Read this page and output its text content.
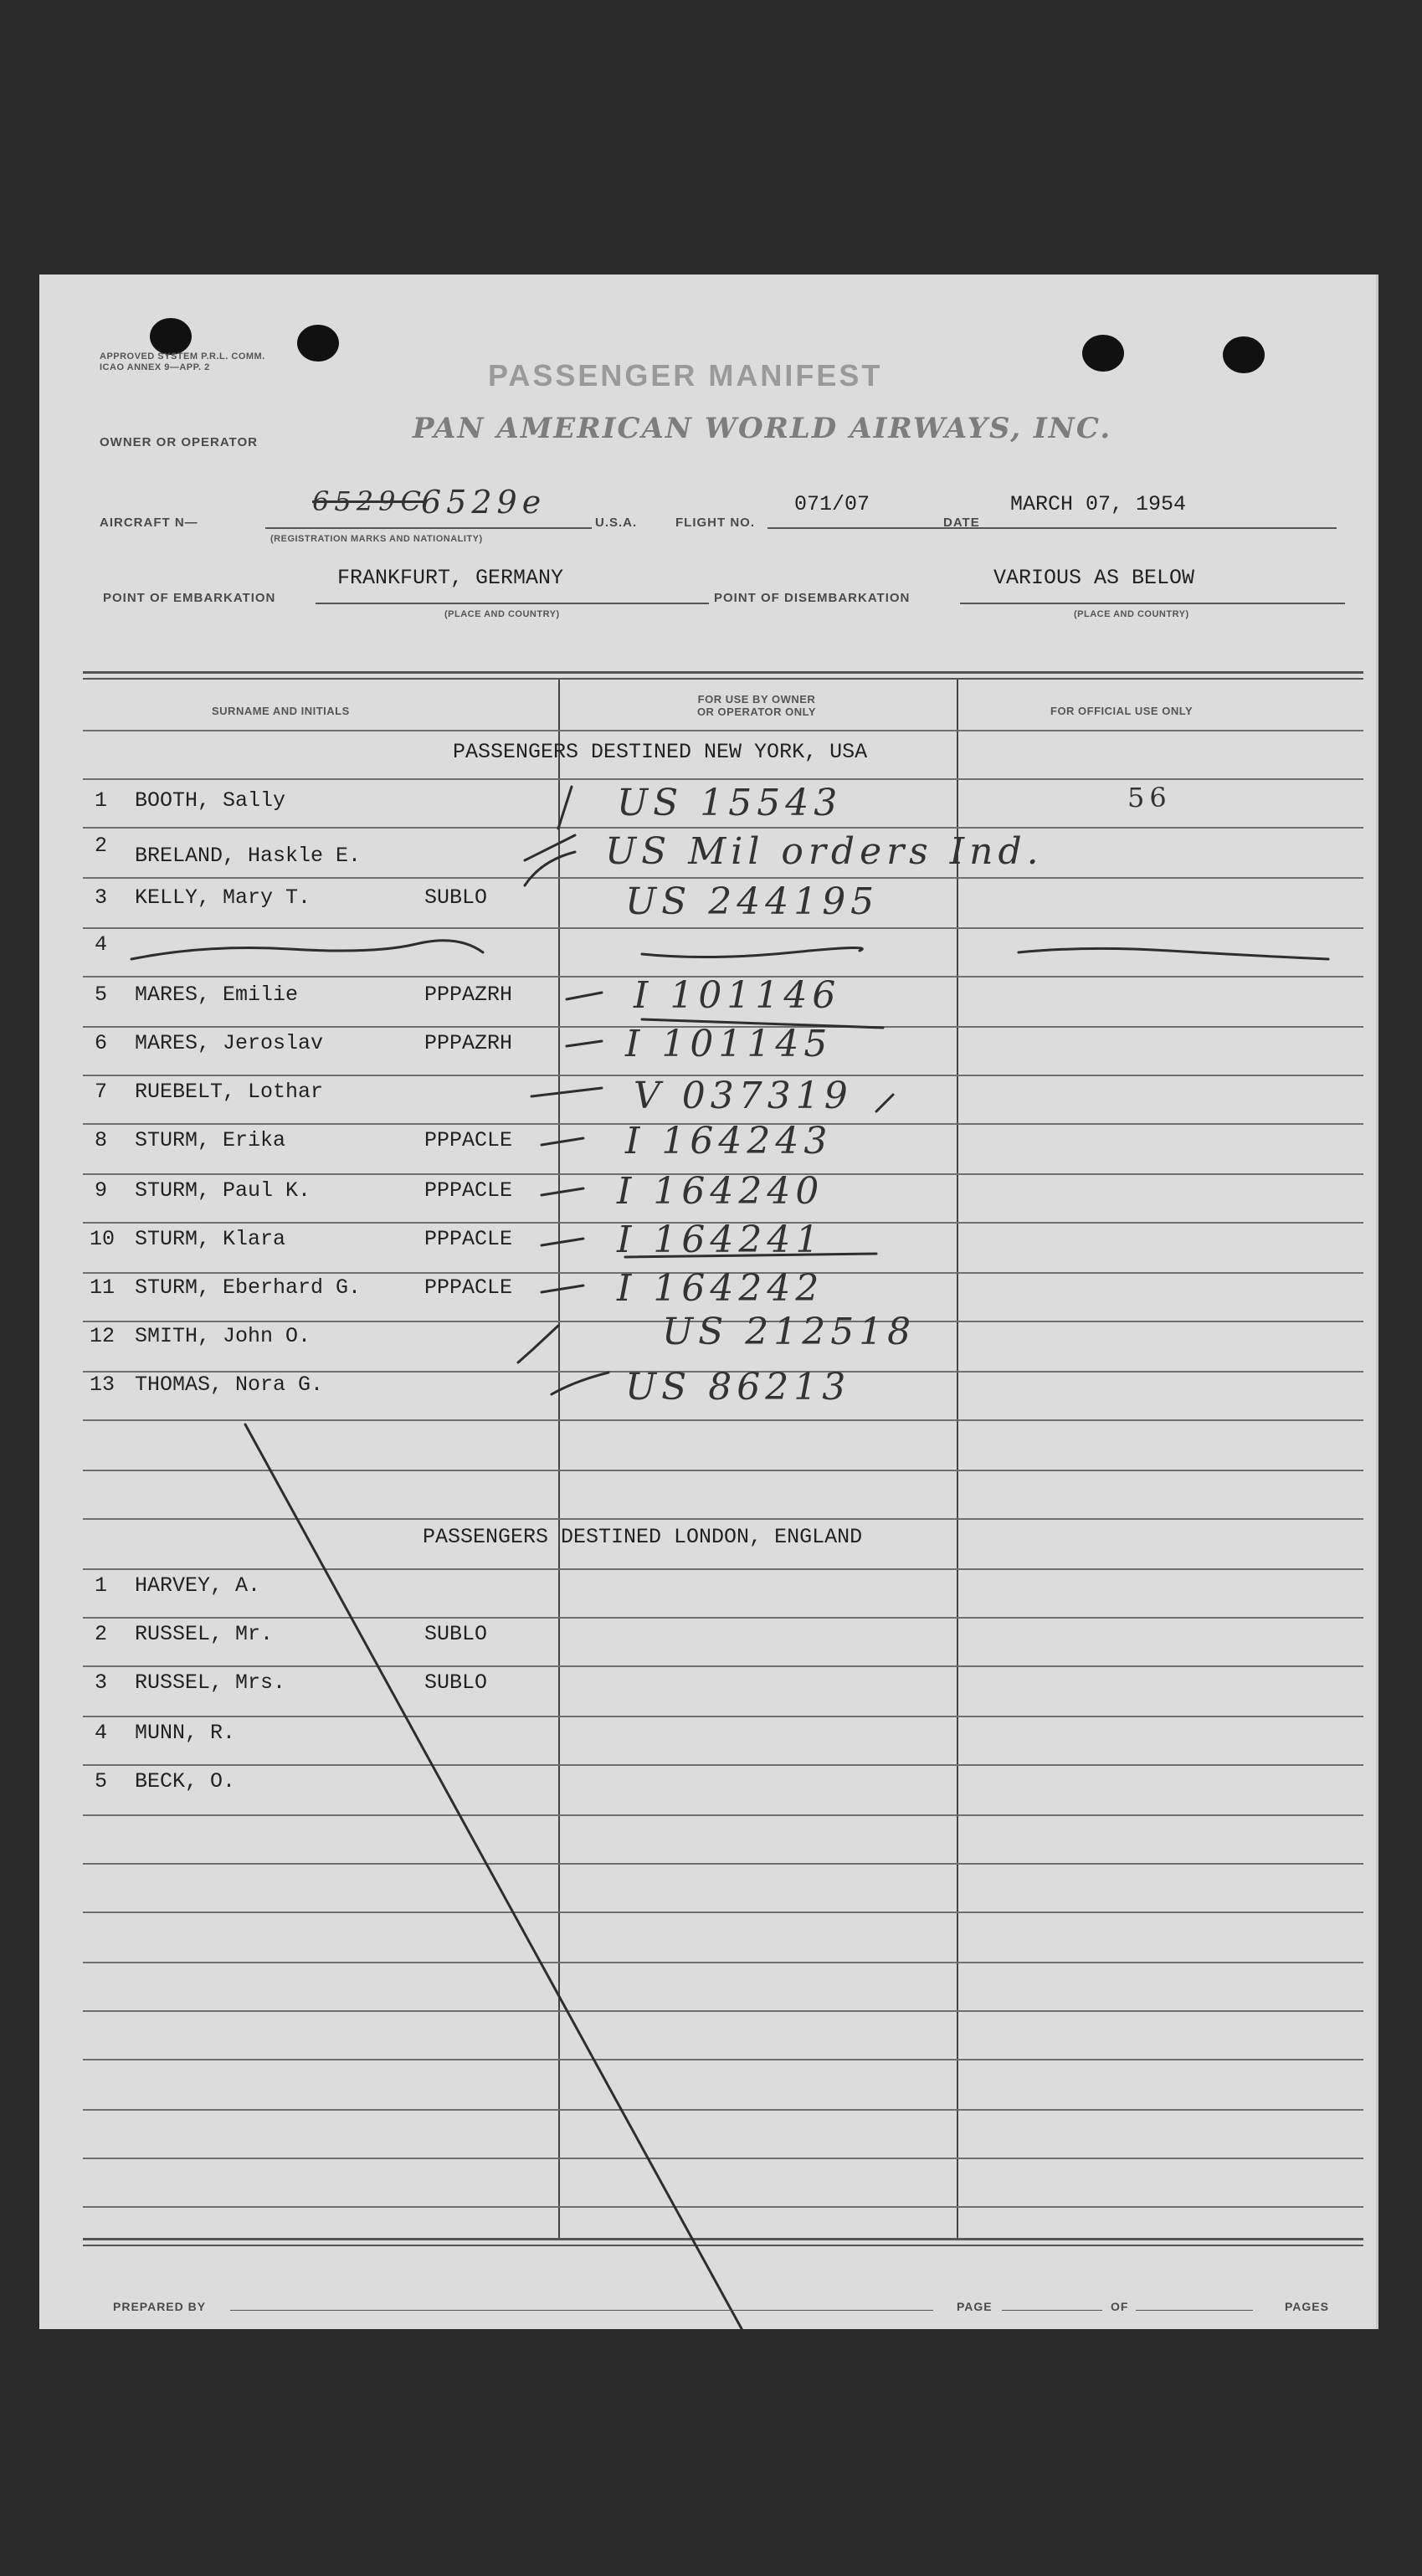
APPROVED SYSTEM P.R.L. COMM. ICAO ANNEX 9—APP. 2	PASSENGER MANIFEST
PAN AMERICAN WORLD AIRWAYS, INC.
OWNER OR OPERATOR
AIRCRAFT N—
6529C
6529e
(REGISTRATION MARKS AND NATIONALITY)
U.S.A.	FLIGHT NO.
071/07
DATE
MARCH 07, 1954
POINT OF EMBARKATION
FRANKFURT, GERMANY
(PLACE AND COUNTRY)
POINT OF DISEMBARKATION
VARIOUS AS BELOW
(PLACE AND COUNTRY)
SURNAME AND INITIALS
FOR USE BY OWNER
OR OPERATOR ONLY	FOR OFFICIAL USE ONLY
PASSENGERS DESTINED NEW YORK, USA
1 BOOTH, Sally	US 15543	56
2 BRELAND, Haskle E.	US Mil orders Ind.
3 KELLY, Mary T.	SUBLO	US 244195
4
5 MARES, Emilie	PPPAZRH	I 101146
6 MARES, Jeroslav	PPPAZRH	I 101145
7 RUEBELT, Lothar	V 037319
8 STURM, Erika	PPPACLE	I 164243
9 STURM, Paul K.	PPPACLE	I 164240
10 STURM, Klara	PPPACLE	I 164241
11 STURM, Eberhard G.	PPPACLE	I 164242
12 SMITH, John O.	US 212518
13 THOMAS, Nora G.	US 86213
PASSENGERS DESTINED LONDON, ENGLAND
1 HARVEY, A.
2 RUSSEL, Mr.	SUBLO
3 RUSSEL, Mrs.	SUBLO
4 MUNN, R.
5 BECK, O.
PREPARED BY	PAGE	OF	PAGES
